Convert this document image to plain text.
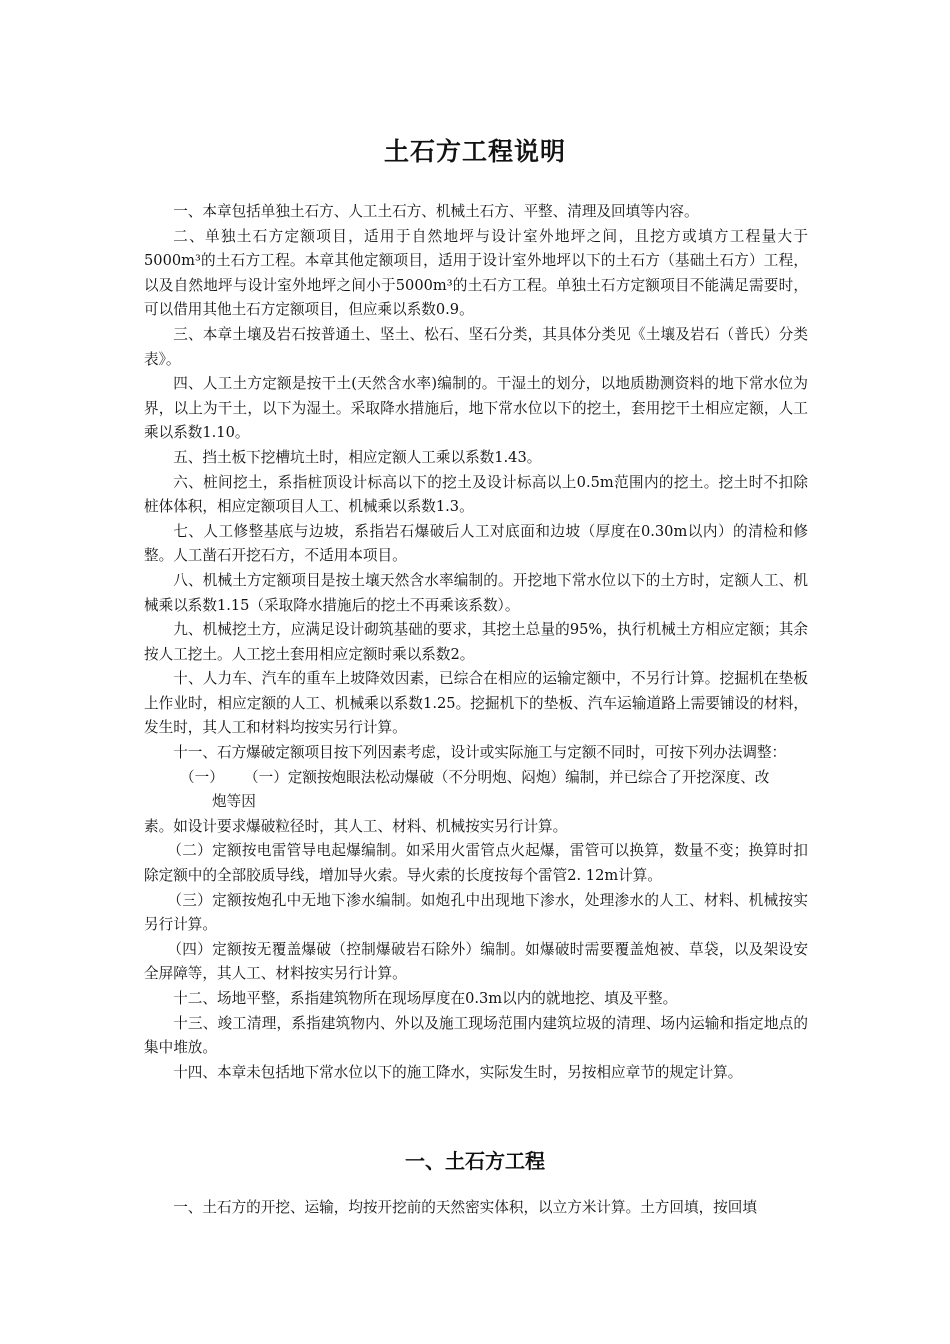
土石方工程说明

一、本章包括单独土石方、人工土石方、机械土石方、平整、清理及回填等内容。

二、单独土石方定额项目，适用于自然地坪与设计室外地坪之间，且挖方或填方工程量大于5000m³的土石方工程。本章其他定额项目，适用于设计室外地坪以下的土石方（基础土石方）工程，以及自然地坪与设计室外地坪之间小于5000m³的土石方工程。单独土石方定额项目不能满足需要时，可以借用其他土石方定额项目，但应乘以系数0.9。

三、本章土壤及岩石按普通土、坚土、松石、坚石分类，其具体分类见《土壤及岩石（普氏）分类表》。

四、人工土方定额是按干土(天然含水率)编制的。干湿土的划分，以地质勘测资料的地下常水位为界，以上为干土，以下为湿土。采取降水措施后，地下常水位以下的挖土，套用挖干土相应定额，人工乘以系数1.10。

五、挡土板下挖槽坑土时，相应定额人工乘以系数1.43。

六、桩间挖土，系指桩顶设计标高以下的挖土及设计标高以上0.5m范围内的挖土。挖土时不扣除桩体体积，相应定额项目人工、机械乘以系数1.3。

七、人工修整基底与边坡，系指岩石爆破后人工对底面和边坡（厚度在0.30m以内）的清检和修整。人工凿石开挖石方，不适用本项目。

八、机械土方定额项目是按土壤天然含水率编制的。开挖地下常水位以下的土方时，定额人工、机械乘以系数1.15（采取降水措施后的挖土不再乘该系数）。

九、机械挖土方，应满足设计砌筑基础的要求，其挖土总量的95%，执行机械土方相应定额；其余按人工挖土。人工挖土套用相应定额时乘以系数2。

十、人力车、汽车的重车上坡降效因素，已综合在相应的运输定额中，不另行计算。挖掘机在垫板上作业时，相应定额的人工、机械乘以系数1.25。挖掘机下的垫板、汽车运输道路上需要铺设的材料，发生时，其人工和材料均按实另行计算。

十一、石方爆破定额项目按下列因素考虑，设计或实际施工与定额不同时，可按下列办法调整：

（一） （一）定额按炮眼法松动爆破（不分明炮、闷炮）编制，并已综合了开挖深度、改

炮等因

素。如设计要求爆破粒径时，其人工、材料、机械按实另行计算。

（二）定额按电雷管导电起爆编制。如采用火雷管点火起爆，雷管可以换算，数量不变；换算时扣除定额中的全部胶质导线，增加导火索。导火索的长度按每个雷管2. 12m计算。

（三）定额按炮孔中无地下渗水编制。如炮孔中出现地下渗水，处理渗水的人工、材料、机械按实另行计算。

（四）定额按无覆盖爆破（控制爆破岩石除外）编制。如爆破时需要覆盖炮被、草袋，以及架设安全屏障等，其人工、材料按实另行计算。

十二、场地平整，系指建筑物所在现场厚度在0.3m以内的就地挖、填及平整。

十三、竣工清理，系指建筑物内、外以及施工现场范围内建筑垃圾的清理、场内运输和指定地点的集中堆放。

十四、本章未包括地下常水位以下的施工降水，实际发生时，另按相应章节的规定计算。

一、土石方工程

一、土石方的开挖、运输，均按开挖前的天然密实体积，以立方米计算。土方回填，按回填
